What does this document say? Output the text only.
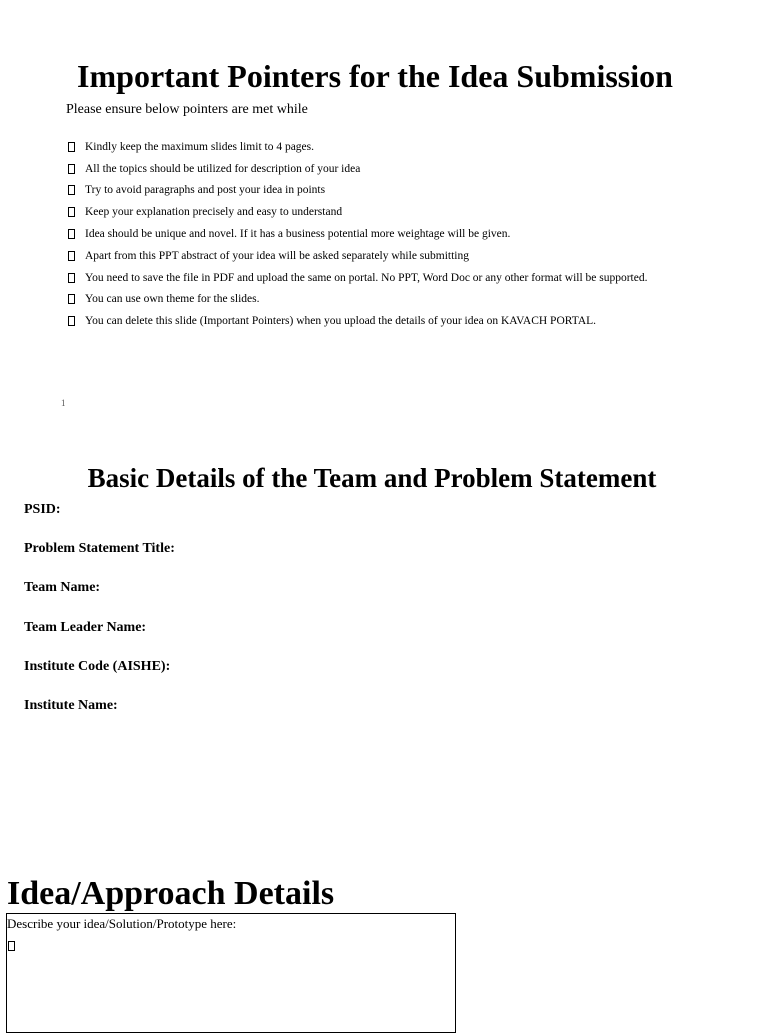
Important Pointers for the Idea Submission
Please ensure below pointers are met while
Kindly keep the maximum slides limit to 4 pages.
All the topics should be utilized for description of your idea
Try to avoid paragraphs and post your idea in points
Keep your explanation precisely and easy to understand
Idea should be unique and novel. If it has a business potential more weightage will be given.
Apart from this PPT abstract of your idea will be asked separately while submitting
You need to save the file in PDF and upload the same on portal. No PPT, Word Doc or any other format will be supported.
You can use own theme for the slides.
You can delete this slide (Important Pointers) when you upload the details of your idea on KAVACH PORTAL.
1
Basic Details of the Team and Problem Statement
PSID:
Problem Statement Title:
Team Name:
Team Leader Name:
Institute Code (AISHE):
Institute Name:
Idea/Approach Details
Describe your idea/Solution/Prototype here:
